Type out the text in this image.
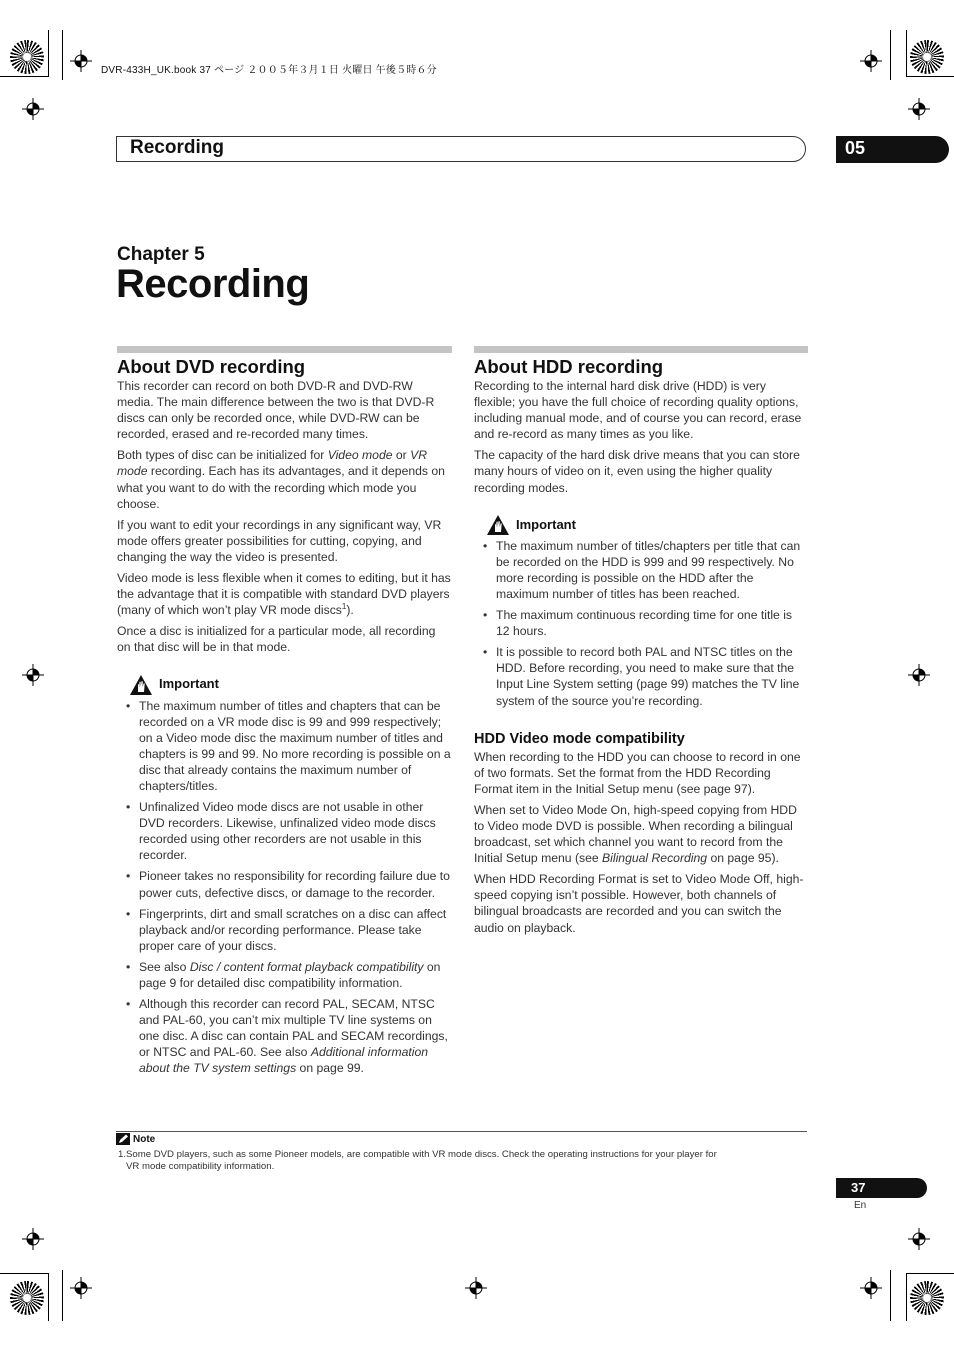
DVR-433H_UK.book 37 ページ ２００５年３月１日 火曜日 午後５時６分
Recording	05
Chapter 5
Recording
About DVD recording

This recorder can record on both DVD-R and DVD-RW media. The main difference between the two is that DVD-R discs can only be recorded once, while DVD-RW can be recorded, erased and re-recorded many times.

Both types of disc can be initialized for Video mode or VR mode recording. Each has its advantages, and it depends on what you want to do with the recording which mode you choose.

If you want to edit your recordings in any significant way, VR mode offers greater possibilities for cutting, copying, and changing the way the video is presented.

Video mode is less flexible when it comes to editing, but it has the advantage that it is compatible with standard DVD players (many of which won’t play VR mode discs$^1$).

Once a disc is initialized for a particular mode, all recording on that disc will be in that mode.

Important
• The maximum number of titles and chapters that can be recorded on a VR mode disc is 99 and 999 respectively; on a Video mode disc the maximum number of titles and chapters is 99 and 99. No more recording is possible on a disc that already contains the maximum number of chapters/titles.
• Unfinalized Video mode discs are not usable in other DVD recorders. Likewise, unfinalized video mode discs recorded using other recorders are not usable in this recorder.
• Pioneer takes no responsibility for recording failure due to power cuts, defective discs, or damage to the recorder.
• Fingerprints, dirt and small scratches on a disc can affect playback and/or recording performance. Please take proper care of your discs.
• See also Disc / content format playback compatibility on page 9 for detailed disc compatibility information.
• Although this recorder can record PAL, SECAM, NTSC and PAL-60, you can’t mix multiple TV line systems on one disc. A disc can contain PAL and SECAM recordings, or NTSC and PAL-60. See also Additional information about the TV system settings on page 99.
About HDD recording

Recording to the internal hard disk drive (HDD) is very flexible; you have the full choice of recording quality options, including manual mode, and of course you can record, erase and re-record as many times as you like.

The capacity of the hard disk drive means that you can store many hours of video on it, even using the higher quality recording modes.

Important
• The maximum number of titles/chapters per title that can be recorded on the HDD is 999 and 99 respectively. No more recording is possible on the HDD after the maximum number of titles has been reached.
• The maximum continuous recording time for one title is 12 hours.
• It is possible to record both PAL and NTSC titles on the HDD. Before recording, you need to make sure that the Input Line System setting (page 99) matches the TV line system of the source you’re recording.
HDD Video mode compatibility

When recording to the HDD you can choose to record in one of two formats. Set the format from the HDD Recording Format item in the Initial Setup menu (see page 97).

When set to Video Mode On, high-speed copying from HDD to Video mode DVD is possible. When recording a bilingual broadcast, set which channel you want to record from the Initial Setup menu (see Bilingual Recording on page 95).

When HDD Recording Format is set to Video Mode Off, high-speed copying isn’t possible. However, both channels of bilingual broadcasts are recorded and you can switch the audio on playback.

Note
1.Some DVD players, such as some Pioneer models, are compatible with VR mode discs. Check the operating instructions for your player for
VR mode compatibility information.
37
En
